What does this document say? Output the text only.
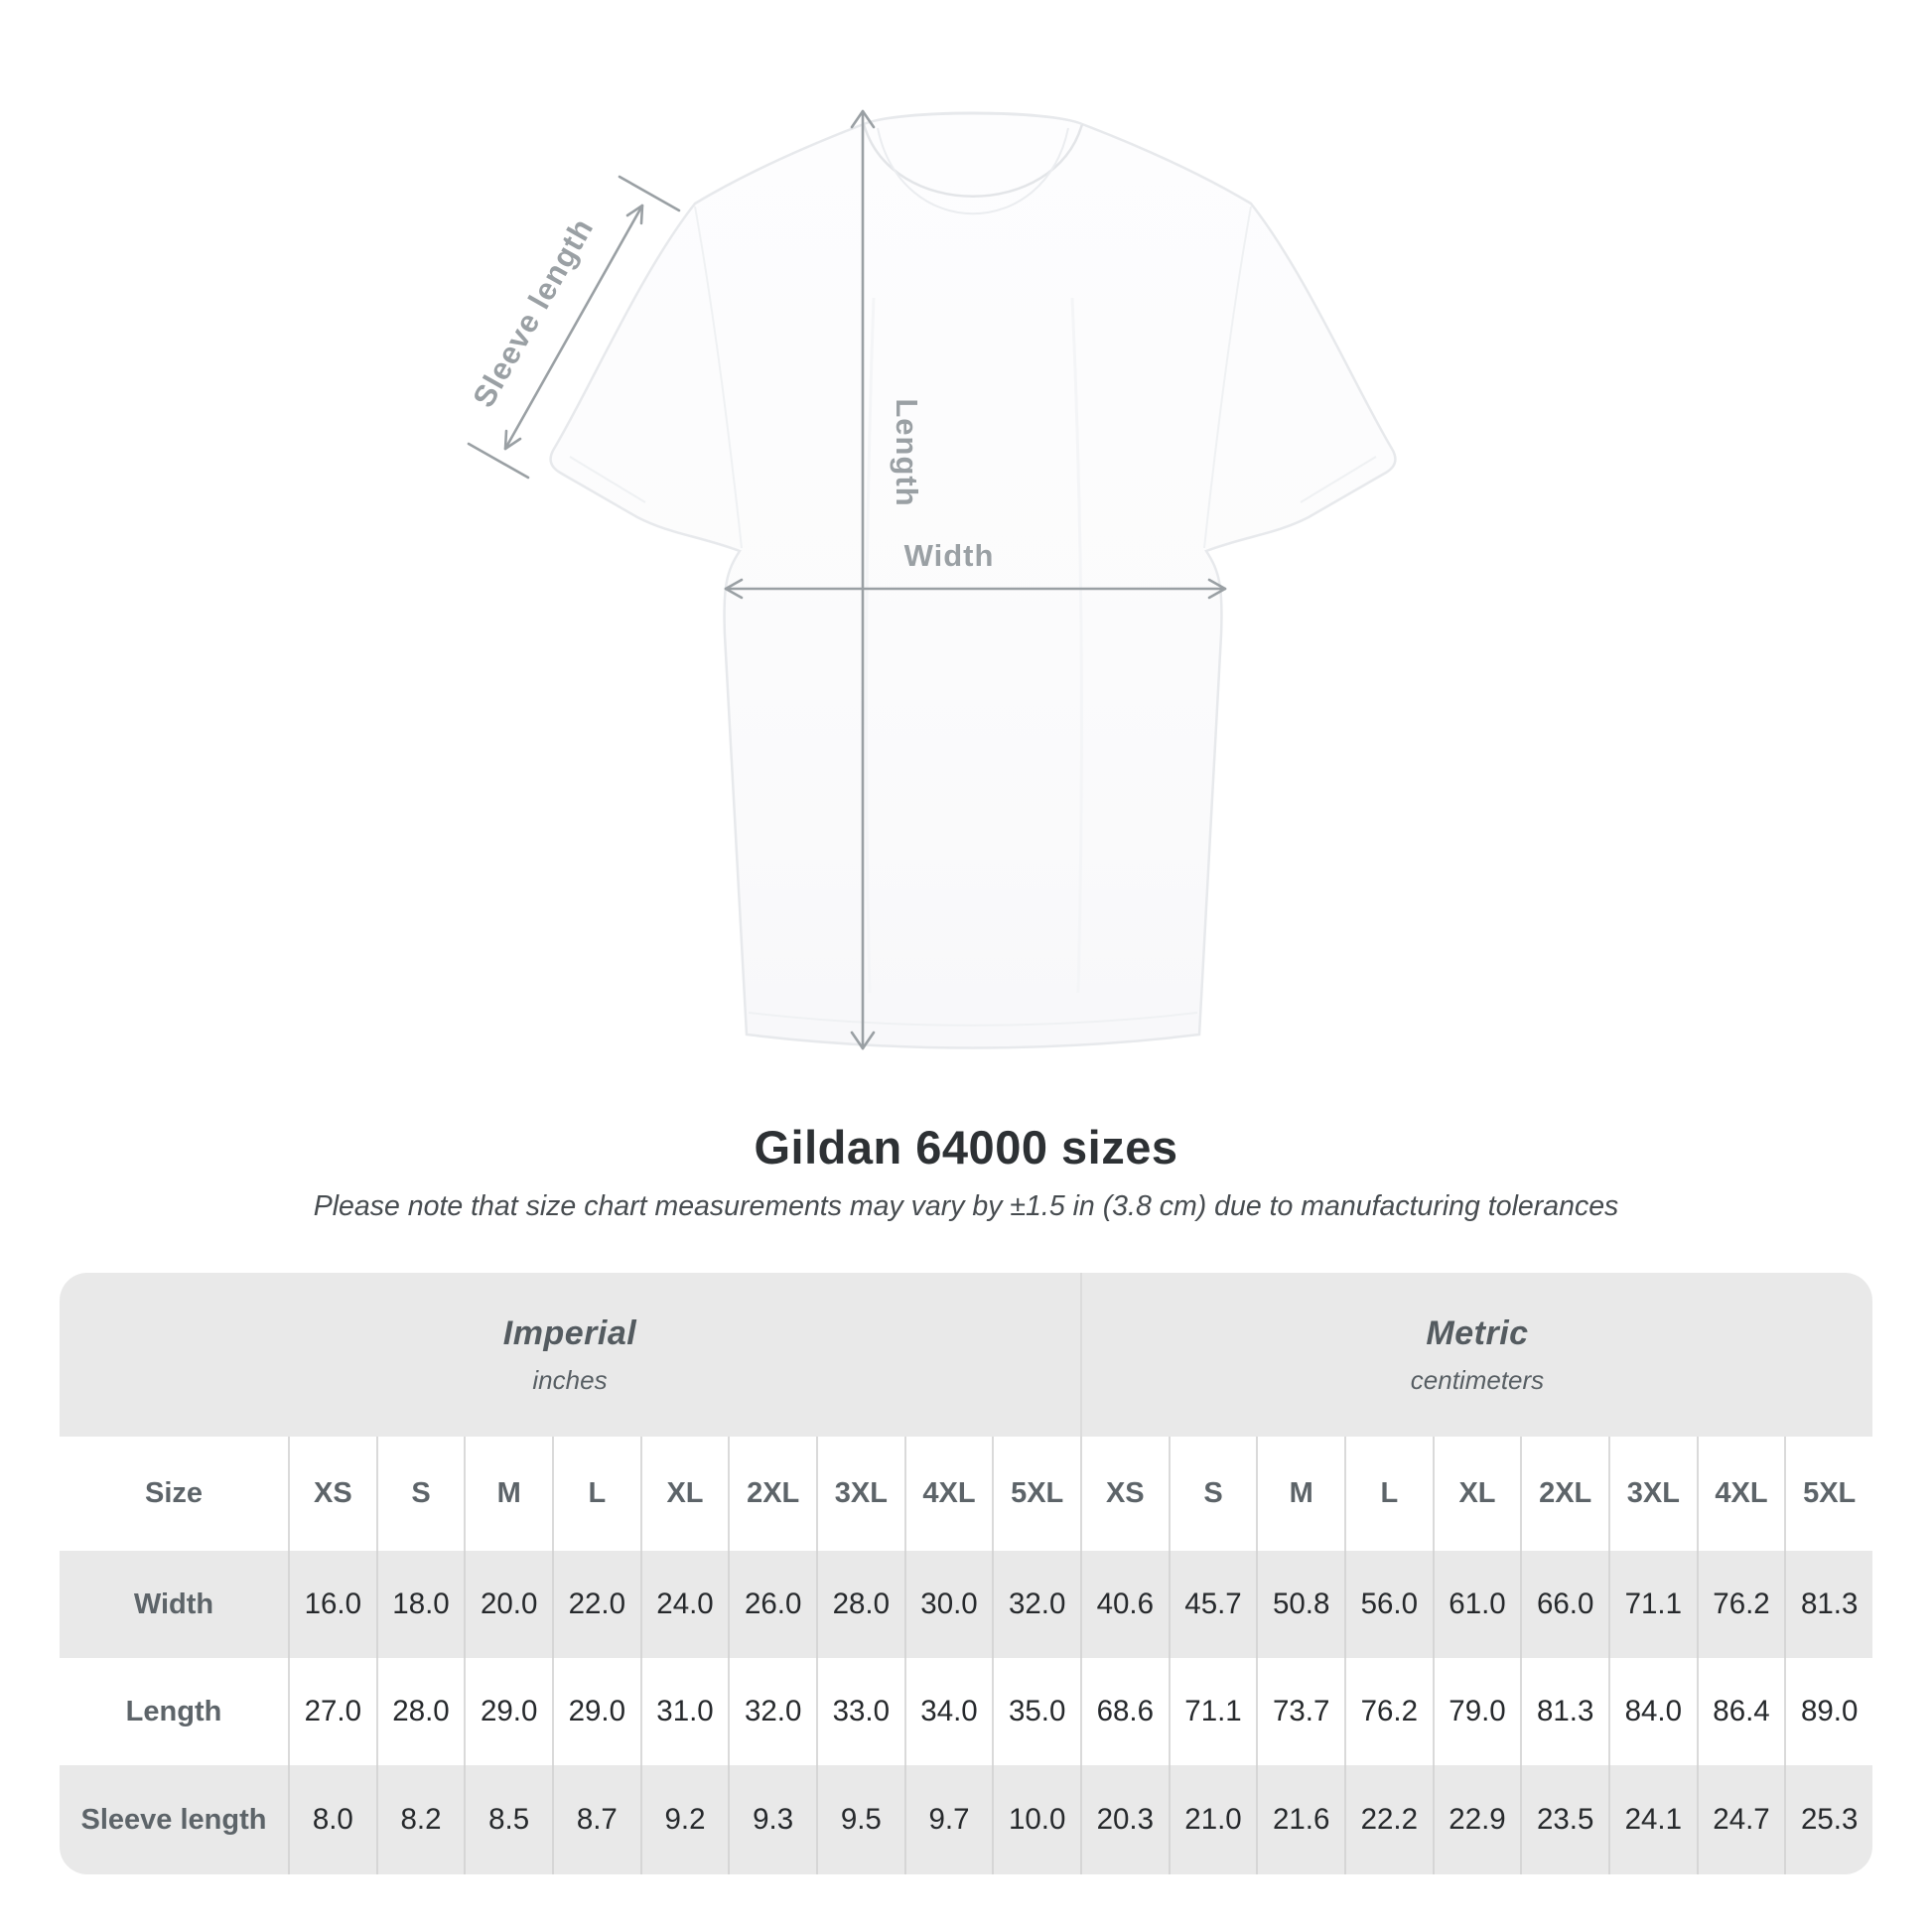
Length
Width
Sleeve length
Gildan 64000 sizes

Please note that size chart measurements may vary by ±1.5 in (3.8 cm) due to manufacturing tolerances

Imperial
inches
Metric
centimeters
Size	XS	S	M	L	XL	2XL	3XL	4XL	5XL	XS	S	M	L	XL	2XL	3XL	4XL	5XL
Width	16.0	18.0	20.0	22.0	24.0	26.0	28.0	30.0	32.0	40.6	45.7	50.8	56.0	61.0	66.0	71.1	76.2	81.3
Length	27.0	28.0	29.0	29.0	31.0	32.0	33.0	34.0	35.0	68.6	71.1	73.7	76.2	79.0	81.3	84.0	86.4	89.0
Sleeve length	8.0	8.2	8.5	8.7	9.2	9.3	9.5	9.7	10.0	20.3	21.0	21.6	22.2	22.9	23.5	24.1	24.7	25.3
